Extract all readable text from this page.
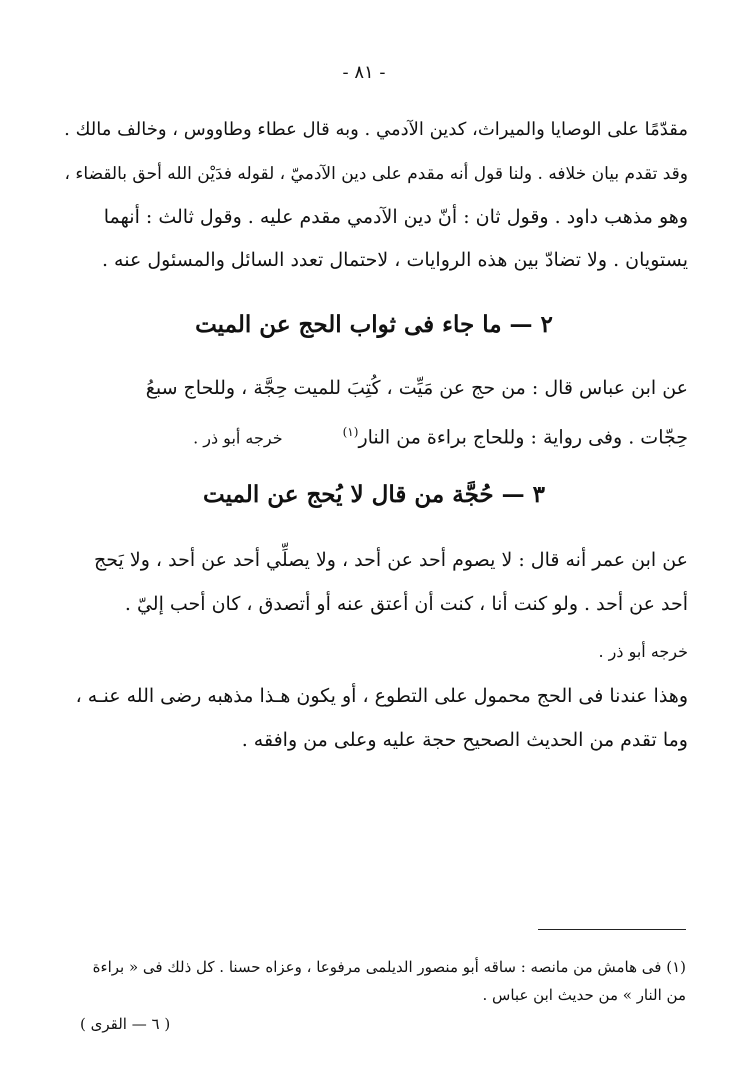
- ٨١ -
مقدّمًا على الوصايا والميراث، كدين الآدمي . وبه قال عطاء وطاووس ، وخالف مالك .
وقد تقدم بيان خلافه . ولنا قول أنه مقدم على دين الآدميّ ، لقوله فدَيْن الله أحق بالقضاء ،
وهو مذهب داود . وقول ثان : أنّ دين الآدمي مقدم عليه . وقول ثالث : أنهما
يستويان . ولا تضادّ بين هذه الروايات ، لاحتمال تعدد السائل والمسئول عنه .
٢ — ما جاء فى ثواب الحج عن الميت
عن ابن عباس قال : من حج عن مَيِّت ، كُتِبَ للميت حِجَّة ، وللحاج سبعُ
حِجّات . وفى رواية : وللحاج براءة من النار$^{(١)}$خرجه أبو ذر .
٣ — حُجَّة من قال لا يُحج عن الميت
عن ابن عمر أنه قال : لا يصوم أحد عن أحد ، ولا يصلِّي أحد عن أحد ، ولا يَحج
أحد عن أحد . ولو كنت أنا ، كنت أن أعتق عنه أو أتصدق ، كان أحب إليّ .
خرجه أبو ذر .
وهذا عندنا فى الحج محمول على التطوع ، أو يكون هـذا مذهبه رضى الله عنـه ،
وما تقدم من الحديث الصحيح حجة عليه وعلى من وافقه .
(١) فى هامش من مانصه : ساقه أبو منصور الديلمى مرفوعا ، وعزاه حسنا . كل ذلك فى « براءة
من النار » من حديث ابن عباس .
( ٦ — القرى )
